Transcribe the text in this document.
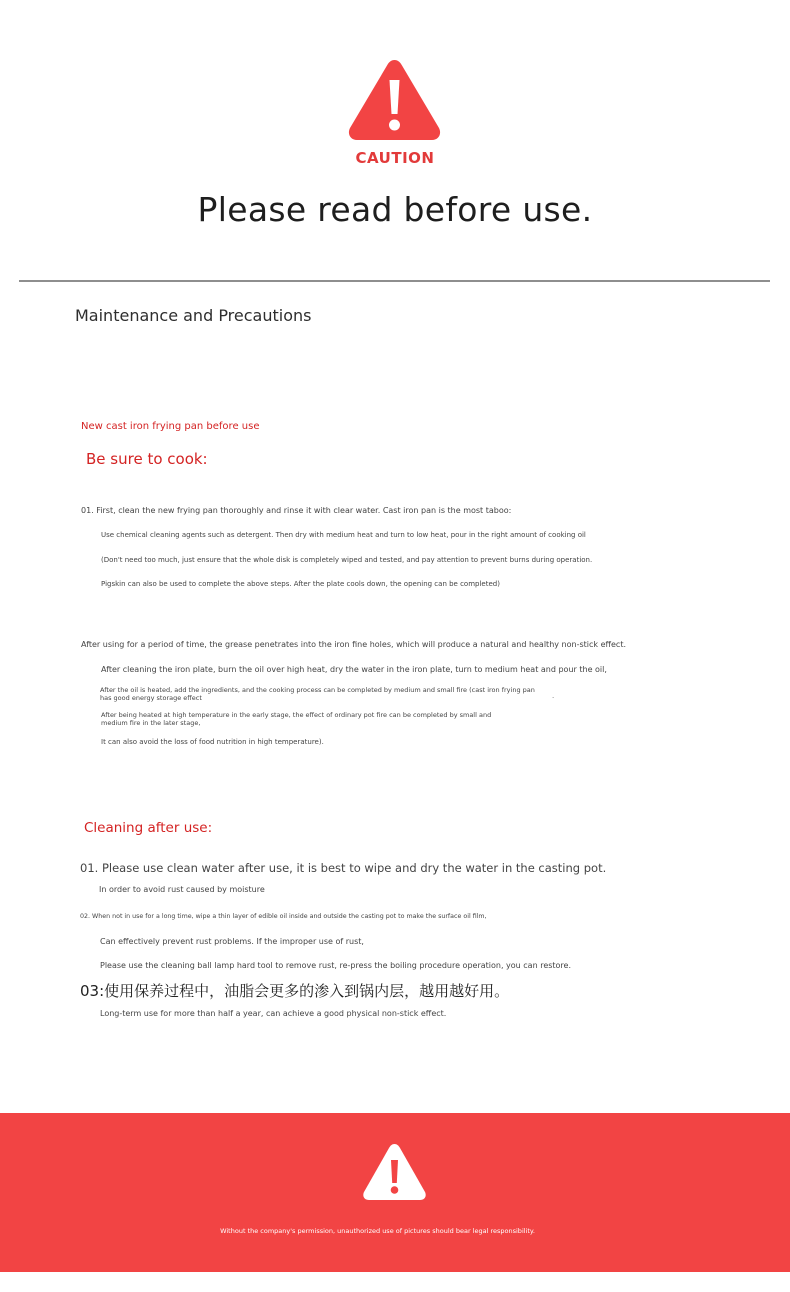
CAUTION
Please read before use.
Maintenance and Precautions
New cast iron frying pan before use
Be sure to cook:
01. First, clean the new frying pan thoroughly and rinse it with clear water. Cast iron pan is the most taboo:
Use chemical cleaning agents such as detergent. Then dry with medium heat and turn to low heat, pour in the right amount of cooking oil
(Don't need too much, just ensure that the whole disk is completely wiped and tested, and pay attention to prevent burns during operation.
Pigskin can also be used to complete the above steps. After the plate cools down, the opening can be completed)
After using for a period of time, the grease penetrates into the iron fine holes, which will produce a natural and healthy non-stick effect.
After cleaning the iron plate, burn the oil over high heat, dry the water in the iron plate, turn to medium heat and pour the oil,
After the oil is heated, add the ingredients, and the cooking process can be completed by medium and small fire (cast iron frying pan has good energy storage effect	.
After being heated at high temperature in the early stage, the effect of ordinary pot fire can be completed by small and medium fire in the later stage,
It can also avoid the loss of food nutrition in high temperature).
Cleaning after use:
01. Please use clean water after use, it is best to wipe and dry the water in the casting pot.
In order to avoid rust caused by moisture
02. When not in use for a long time, wipe a thin layer of edible oil inside and outside the casting pot to make the surface oil film,
Can effectively prevent rust problems. If the improper use of rust,
Please use the cleaning ball lamp hard tool to remove rust, re-press the boiling procedure operation, you can restore.
03:使用保养过程中，油脂会更多的渗入到锅内层，越用越好用。
Long-term use for more than half a year, can achieve a good physical non-stick effect.
Without the company's permission, unauthorized use of pictures should bear legal responsibility.
